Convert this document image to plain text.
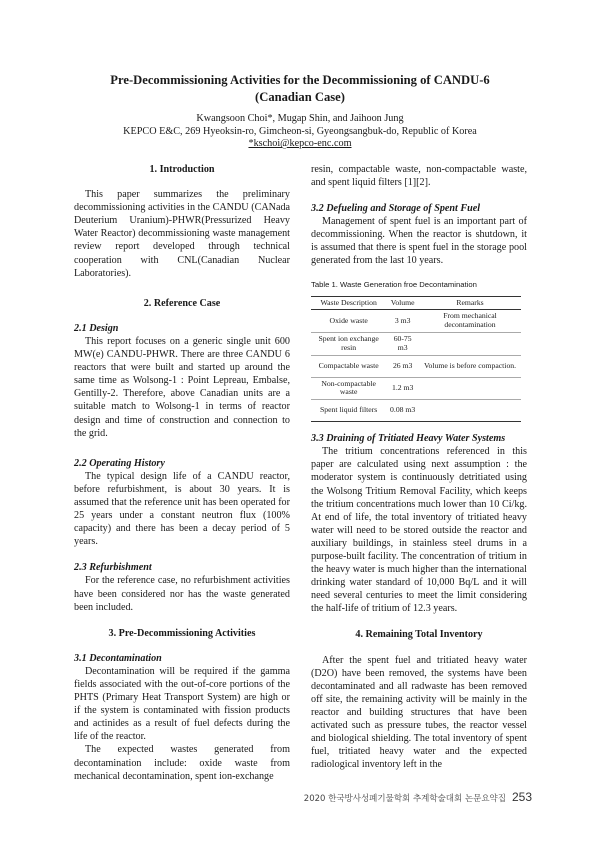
Pre-Decommissioning Activities for the Decommissioning of CANDU-6
(Canadian Case)
Kwangsoon Choi*, Mugap Shin, and Jaihoon Jung
KEPCO E&C, 269 Hyeoksin-ro, Gimcheon-si, Gyeongsangbuk-do, Republic of Korea
*kschoi@kepco-enc.com
1. Introduction

This paper summarizes the preliminary decommissioning activities in the CANDU (CANada Deuterium Uranium)-PHWR(Pressurized Heavy Water Reactor) decommissioning waste management review report developed through technical cooperation with CNL(Canadian Nuclear Laboratories).

2. Reference Case
2.1 Design

This report focuses on a generic single unit 600 MW(e) CANDU-PHWR. There are three CANDU 6 reactors that were built and started up around the same time as Wolsong-1 : Point Lepreau, Embalse, Gentilly-2. Therefore, above Canadian units are a suitable match to Wolsong-1 in terms of reactor design and time of construction and connection to the grid.

2.2 Operating History

The typical design life of a CANDU reactor, before refurbishment, is about 30 years. It is assumed that the reference unit has been operated for 25 years under a constant neutron flux (100% capacity) and there has been a decay period of 5 years.

2.3 Refurbishment

For the reference case, no refurbishment activities have been considered nor has the waste generated been included.

3. Pre-Decommissioning Activities
3.1 Decontamination

Decontamination will be required if the gamma fields associated with the out-of-core portions of the PHTS (Primary Heat Transport System) are high or if the system is contaminated with fission products and actinides as a result of fuel defects during the life of the reactor.

The expected wastes generated from decontamination include: oxide waste from mechanical decontamination, spent ion-exchange

resin, compactable waste, non-compactable waste, and spent liquid filters [1][2].

3.2 Defueling and Storage of Spent Fuel

Management of spent fuel is an important part of decommissioning. When the reactor is shutdown, it is assumed that there is spent fuel in the storage pool generated from the last 10 years.

Table 1. Waste Generation froe Decontamination
Waste Description	Volume	Remarks
Oxide waste	3 m3	From mechanical decontamination
Spent ion exchange resin	60-75 m3	
Compactable waste	26 m3	Volume is before compaction.
Non-compactable waste	1.2 m3	
Spent liquid filters	0.08 m3	
3.3 Draining of Tritiated Heavy Water Systems

The tritium concentrations referenced in this paper are calculated using next assumption : the moderator system is continuously detritiated using the Wolsong Tritium Removal Facility, which keeps the tritium concentrations much lower than 10 Ci/kg. At end of life, the total inventory of tritiated heavy water will need to be stored outside the reactor and auxiliary buildings, in stainless steel drums in a purpose-built facility. The concentration of tritium in the heavy water is much higher than the international drinking water standard of 10,000 Bq/L and it will need several centuries to meet the limit considering the half-life of tritium of 12.3 years.

4. Remaining Total Inventory

After the spent fuel and tritiated heavy water (D2O) have been removed, the systems have been decontaminated and all radwaste has been removed off site, the remaining activity will be mainly in the reactor and building structures that have been activated such as pressure tubes, the reactor vessel and biological shielding. The total inventory of spent fuel, tritiated heavy water and the expected radiological inventory left in the

2020 한국방사성폐기물학회 추계학술대회 논문요약집 253
